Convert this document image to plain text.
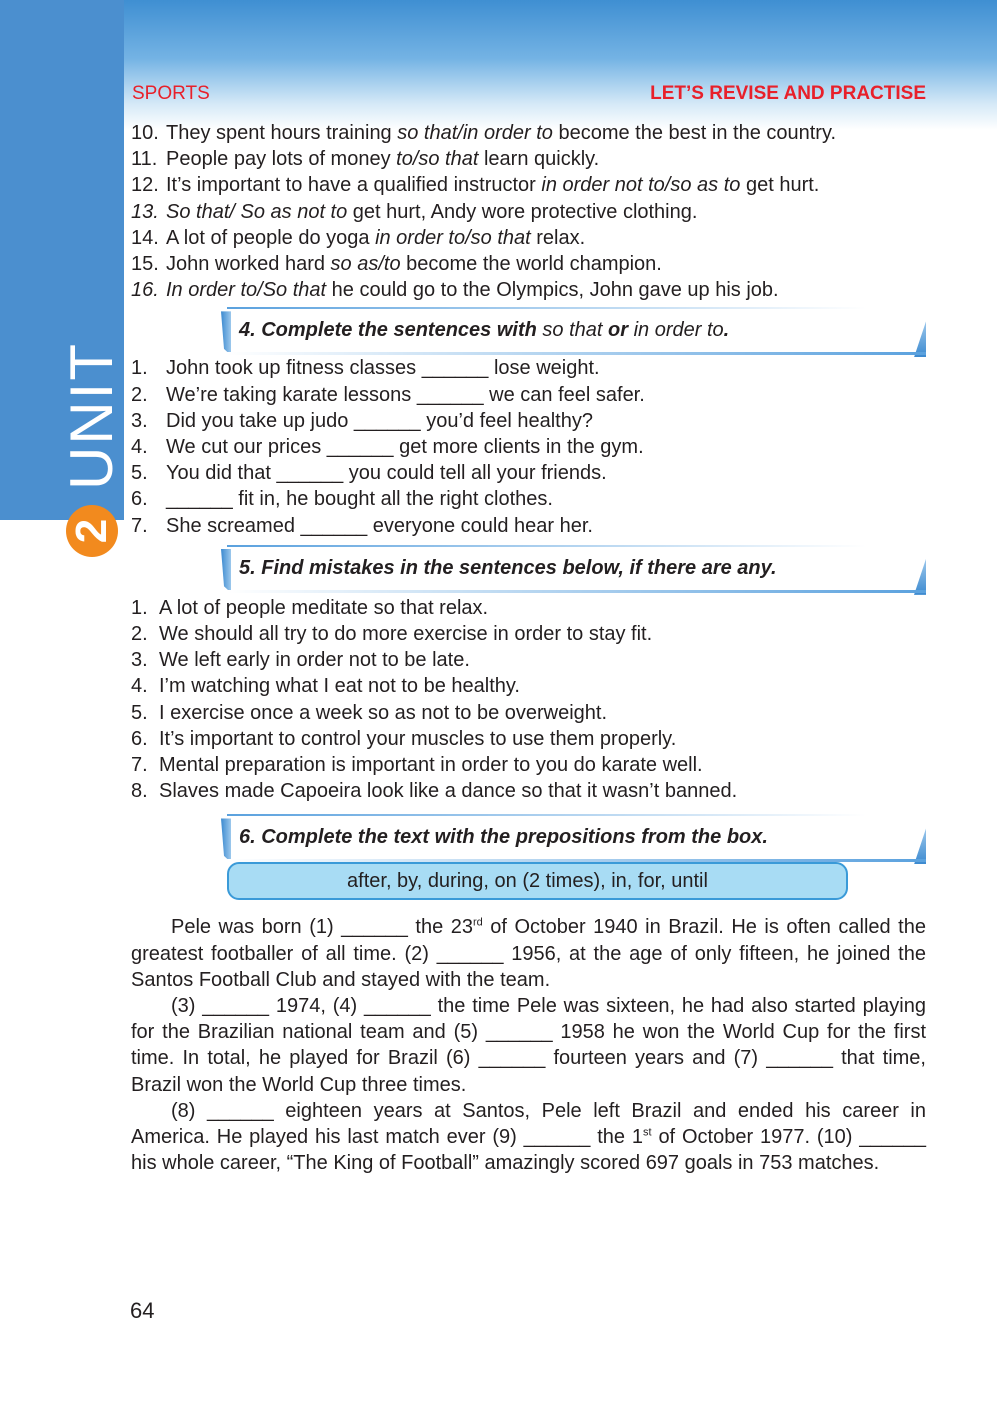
UNIT
2
SPORTS	LET’S REVISE AND PRACTISE
10. They spent hours training so that/in order to become the best in the country.
11. People pay lots of money to/so that learn quickly.
12. It’s important to have a qualified instructor in order not to/so as to get hurt.
13. So that/ So as not to get hurt, Andy wore protective clothing.
14. A lot of people do yoga in order to/so that relax.
15. John worked hard so as/to become the world champion.
16. In order to/So that he could go to the Olympics, John gave up his job.
4. Complete the sentences with so that or in order to.
1. John took up fitness classes ______ lose weight.
2. We’re taking karate lessons ______ we can feel safer.
3. Did you take up judo ______ you’d feel healthy?
4. We cut our prices ______ get more clients in the gym.
5. You did that ______ you could tell all your friends.
6. ______ fit in, he bought all the right clothes.
7. She screamed ______ everyone could hear her.
5. Find mistakes in the sentences below, if there are any.
1. A lot of people meditate so that relax.
2. We should all try to do more exercise in order to stay fit.
3. We left early in order not to be late.
4. I’m watching what I eat not to be healthy.
5. I exercise once a week so as not to be overweight.
6. It’s important to control your muscles to use them properly.
7. Mental preparation is important in order to you do karate well.
8. Slaves made Capoeira look like a dance so that it wasn’t banned.
6. Complete the text with the prepositions from the box.
after, by, during, on (2 times), in, for, until

Pele was born (1) ______ the 23rd of October 1940 in Brazil. He is often called the greatest footballer of all time. (2) ______ 1956, at the age of only fifteen, he joined the Santos Football Club and stayed with the team.

(3) ______ 1974, (4) ______ the time Pele was sixteen, he had also started playing for the Brazilian national team and (5) ______ 1958 he won the World Cup for the first time. In total, he played for Brazil (6) ______ fourteen years and (7) ______ that time, Brazil won the World Cup three times.

(8) ______ eighteen years at Santos, Pele left Brazil and ended his career in America. He played his last match ever (9) ______ the 1st of October 1977. (10) ______ his whole career, “The King of Football” amazingly scored 697 goals in 753 matches.

64
